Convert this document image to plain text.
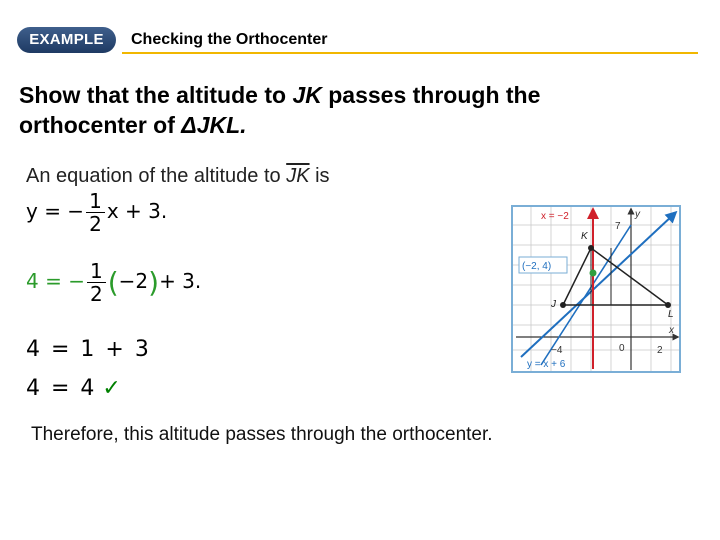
EXAMPLE	Checking the Orthocenter
Show that the altitude to JK passes through the orthocenter of ΔJKL.
An equation of the altitude to $\overline{JK}$ is
y = − $\frac{1}{2}$ x + 3.
4 = − $\frac{1}{2} (-2)+ 3$.
4 = 1 + 3
4 = 4 ✓
Therefore, this altitude passes through the orthocenter.
x = −2	y
x
K
J
L
(−2, 4)
y = x + 6
−4	0	2
7
